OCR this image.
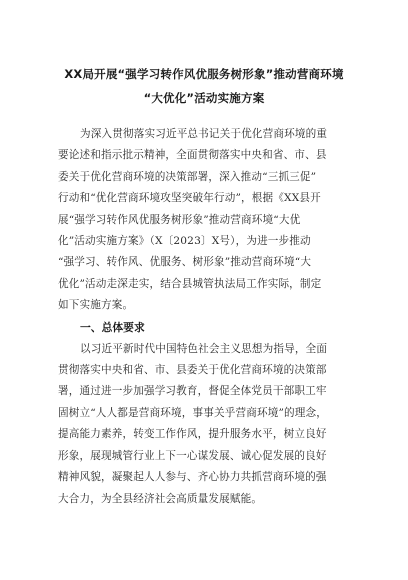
XX局开展“强学习转作风优服务树形象”推动营商环境
“大优化”活动实施方案

为深入贯彻落实习近平总书记关于优化营商环境的重
要论述和指示批示精神，全面贯彻落实中央和省、市、县
委关于优化营商环境的决策部署，深入推动“三抓三促”
行动和“优化营商环境攻坚突破年行动”，根据《XX县开
展“强学习转作风优服务树形象”推动营商环境“大优
化”活动实施方案》（X〔2023〕X号），为进一步推动
“强学习、转作风、优服务、树形象”推动营商环境“大
优化”活动走深走实，结合县城管执法局工作实际，制定
如下实施方案。

一、总体要求

以习近平新时代中国特色社会主义思想为指导，全面
贯彻落实中央和省、市、县委关于优化营商环境的决策部
署，通过进一步加强学习教育，督促全体党员干部职工牢
固树立“人人都是营商环境，事事关乎营商环境”的理念，
提高能力素养，转变工作作风，提升服务水平，树立良好
形象，展现城管行业上下一心谋发展、诚心促发展的良好
精神风貌，凝聚起人人参与、齐心协力共抓营商环境的强
大合力，为全县经济社会高质量发展赋能。
